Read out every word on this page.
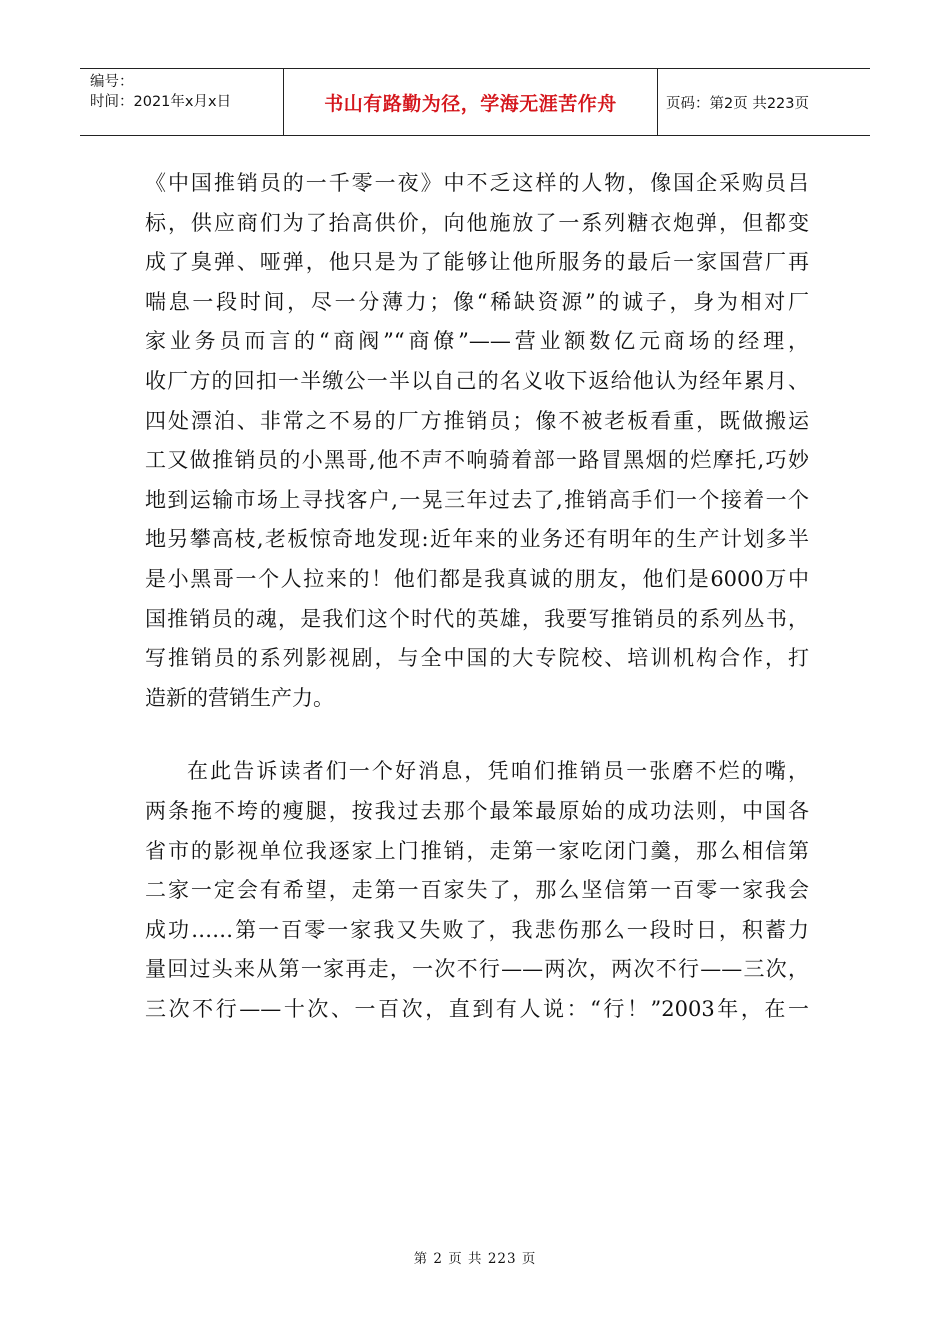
编号：
时间：2021年x月x日	书山有路勤为径，学海无涯苦作舟	页码：第2页 共223页
《中国推销员的一千零一夜》中不乏这样的人物，像国企采购员吕
标，供应商们为了抬高供价，向他施放了一系列糖衣炮弹，但都变
成了臭弹、哑弹，他只是为了能够让他所服务的最后一家国营厂再
喘息一段时间，尽一分薄力；像“稀缺资源”的诚子，身为相对厂
家业务员而言的“商阀”“商僚”——营业额数亿元商场的经理，
收厂方的回扣一半缴公一半以自己的名义收下返给他认为经年累月、
四处漂泊、非常之不易的厂方推销员；像不被老板看重，既做搬运
工又做推销员的小黑哥,他不声不响骑着部一路冒黑烟的烂摩托,巧妙
地到运输市场上寻找客户,一晃三年过去了,推销高手们一个接着一个
地另攀高枝,老板惊奇地发现:近年来的业务还有明年的生产计划多半
是小黑哥一个人拉来的！他们都是我真诚的朋友，他们是6000万中
国推销员的魂，是我们这个时代的英雄，我要写推销员的系列丛书，
写推销员的系列影视剧，与全中国的大专院校、培训机构合作，打
造新的营销生产力。
在此告诉读者们一个好消息，凭咱们推销员一张磨不烂的嘴，
两条拖不垮的瘦腿，按我过去那个最笨最原始的成功法则，中国各
省市的影视单位我逐家上门推销，走第一家吃闭门羹，那么相信第
二家一定会有希望，走第一百家失了，那么坚信第一百零一家我会
成功……第一百零一家我又失败了，我悲伤那么一段时日，积蓄力
量回过头来从第一家再走，一次不行——两次，两次不行——三次，
三次不行——十次、一百次，直到有人说：“行！”2003年，在一
第 2 页 共 223 页
